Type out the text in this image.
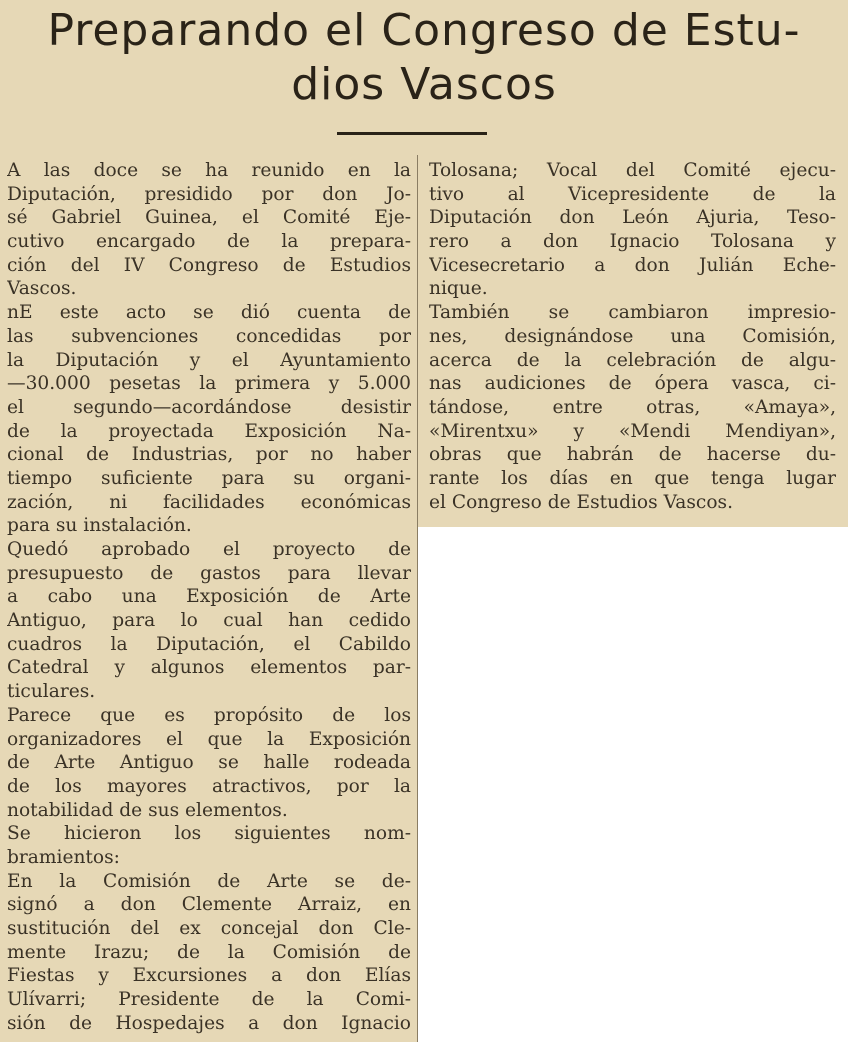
Preparando el Congreso de Estu-
dios Vascos
A las doce se ha reunido en la
Diputación, presidido por don Jo-
sé Gabriel Guinea, el Comité Eje-
cutivo encargado de la prepara-
ción del IV Congreso de Estudios
Vascos.
nE este acto se dió cuenta de
las subvenciones concedidas por
la Diputación y el Ayuntamiento
—30.000 pesetas la primera y 5.000
el segundo—acordándose desistir
de la proyectada Exposición Na-
cional de Industrias, por no haber
tiempo suficiente para su organi-
zación, ni facilidades económicas
para su instalación.
Quedó aprobado el proyecto de
presupuesto de gastos para llevar
a cabo una Exposición de Arte
Antiguo, para lo cual han cedido
cuadros la Diputación, el Cabildo
Catedral y algunos elementos par-
ticulares.
Parece que es propósito de los
organizadores el que la Exposición
de Arte Antiguo se halle rodeada
de los mayores atractivos, por la
notabilidad de sus elementos.
Se hicieron los siguientes nom-
bramientos:
En la Comisión de Arte se de-
signó a don Clemente Arraiz, en
sustitución del ex concejal don Cle-
mente Irazu; de la Comisión de
Fiestas y Excursiones a don Elías
Ulívarri; Presidente de la Comi-
sión de Hospedajes a don Ignacio
Tolosana; Vocal del Comité ejecu-
tivo al Vicepresidente de la
Diputación don León Ajuria, Teso-
rero a don Ignacio Tolosana y
Vicesecretario a don Julián Eche-
nique.
También se cambiaron impresio-
nes, designándose una Comisión,
acerca de la celebración de algu-
nas audiciones de ópera vasca, ci-
tándose, entre otras, «Amaya»,
«Mirentxu» y «Mendi Mendiyan»,
obras que habrán de hacerse du-
rante los días en que tenga lugar
el Congreso de Estudios Vascos.
